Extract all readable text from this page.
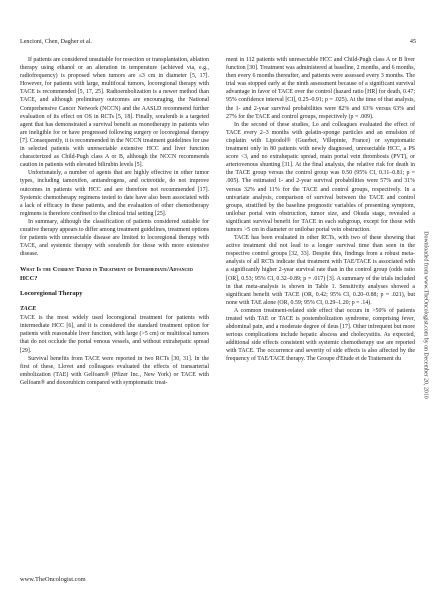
Lencioni, Chen, Dagher et al.	45

If patients are considered unsuitable for resection or transplantation, ablation therapy using ethanol or an alteration in temperature (achieved via, e.g., radiofrequency) is proposed when tumors are ≤3 cm in diameter [5, 17]. However, for patients with large, multifocal tumors, locoregional therapy with TACE is recommended [5, 17, 25]. Radioembolization is a newer method than TACE, and although preliminary outcomes are encouraging, the National Comprehensive Cancer Network (NCCN) and the AASLD recommend further evaluation of its effect on OS in RCTs [5, 18]. Finally, sorafenib is a targeted agent that has demonstrated a survival benefit as monotherapy in patients who are ineligible for or have progressed following surgery or locoregional therapy [7]. Consequently, it is recommended in the NCCN treatment guidelines for use in selected patients with unresectable extensive HCC and liver function characterized as Child-Pugh class A or B, although the NCCN recommends caution in patients with elevated bilirubin levels [5].

Unfortunately, a number of agents that are highly effective in other tumor types, including tamoxifen, antiandrogens, and octreotide, do not improve outcomes in patients with HCC and are therefore not recommended [17]. Systemic chemotherapy regimens tested to date have also been associated with a lack of efficacy in these patients, and the evaluation of other chemotherapy regimens is therefore confined to the clinical trial setting [25].

In summary, although the classification of patients considered suitable for curative therapy appears to differ among treatment guidelines, treatment options for patients with unresectable disease are limited to locoregional therapy with TACE, and systemic therapy with sorafenib for those with more extensive disease.

What Is the Current Trend in Treatment of Intermediate/Advanced HCC?
Locoregional Therapy
TACE

TACE is the most widely used locoregional treatment for patients with intermediate HCC [6], and it is considered the standard treatment option for patients with reasonable liver function, with large (>5 cm) or multifocal tumors that do not occlude the portal venous vessels, and without extrahepatic spread [29].

Survival benefits from TACE were reported in two RCTs [30, 31]. In the first of these, Llovet and colleagues evaluated the effects of transarterial embolization (TAE) with Gelfoam® (Pfizer Inc., New York) or TACE with Gelfoam® and doxorubicin compared with symptomatic treat-

ment in 112 patients with unresectable HCC and Child-Pugh class A or B liver function [30]. Treatment was administered at baseline, 2 months, and 6 months, then every 6 months thereafter, and patients were assessed every 3 months. The trial was stopped early at the ninth assessment because of a significant survival advantage in favor of TACE over the control (hazard ratio [HR] for death, 0.47; 95% confidence interval [CI], 0.25–0.91; p = .025). At the time of that analysis, the 1- and 2-year survival probabilities were 82% and 63% versus 63% and 27% for the TACE and control groups, respectively (p = .009).

In the second of these studies, Lo and colleagues evaluated the effect of TACE every 2–3 months with gelatin-sponge particles and an emulsion of cisplatin with Lipiodol® (Guerbet, Villepinte, France) or symptomatic treatment only in 80 patients with newly diagnosed, unresectable HCC, a PS score <3, and no extrahepatic spread, main portal vein thrombosis (PVT), or arteriovenous shunting [31]. At the final analysis, the relative risk for death in the TACE group versus the control group was 0.50 (95% CI, 0.31–0.81; p = .005). The estimated 1- and 2-year survival probabilities were 57% and 31% versus 32% and 11% for the TACE and control groups, respectively. In a univariate analysis, comparison of survival between the TACE and control groups, stratified by the baseline prognostic variables of presenting symptom, unilobar portal vein obstruction, tumor size, and Okuda stage, revealed a significant survival benefit for TACE in each subgroup, except for those with tumors >5 cm in diameter or unilobar portal vein obstruction.

TACE has been evaluated in other RCTs, with two of these showing that active treatment did not lead to a longer survival time than seen in the respective control groups [32, 33]. Despite this, findings from a robust meta-analysis of all RCTs indicate that treatment with TAE/TACE is associated with a significantly higher 2-year survival rate than in the control group (odds ratio [OR], 0.53; 95% CI, 0.32–0.89; p = .017) [3]. A summary of the trials included in that meta-analysis is shown in Table 1. Sensitivity analyses showed a significant benefit with TACE (OR, 0.42; 95% CI, 0.20–0.88; p = .021), but none with TAE alone (OR, 0.59; 95% CI, 0.29–1.20; p = .14).

A common treatment-related side effect that occurs in >50% of patients treated with TAE or TACE is postembolization syndrome, comprising fever, abdominal pain, and a moderate degree of ileus [17]. Other infrequent but more serious complications include hepatic abscess and cholecystitis. As expected, additional side effects consistent with systemic chemotherapy use are reported with TACE. The occurrence and severity of side effects is also affected by the frequency of TAE/TACE therapy. The Groupe d'Etude et de Traitement du	Downloaded from www.TheOncologist.com by on December 20, 2010
www.TheOncologist.com
